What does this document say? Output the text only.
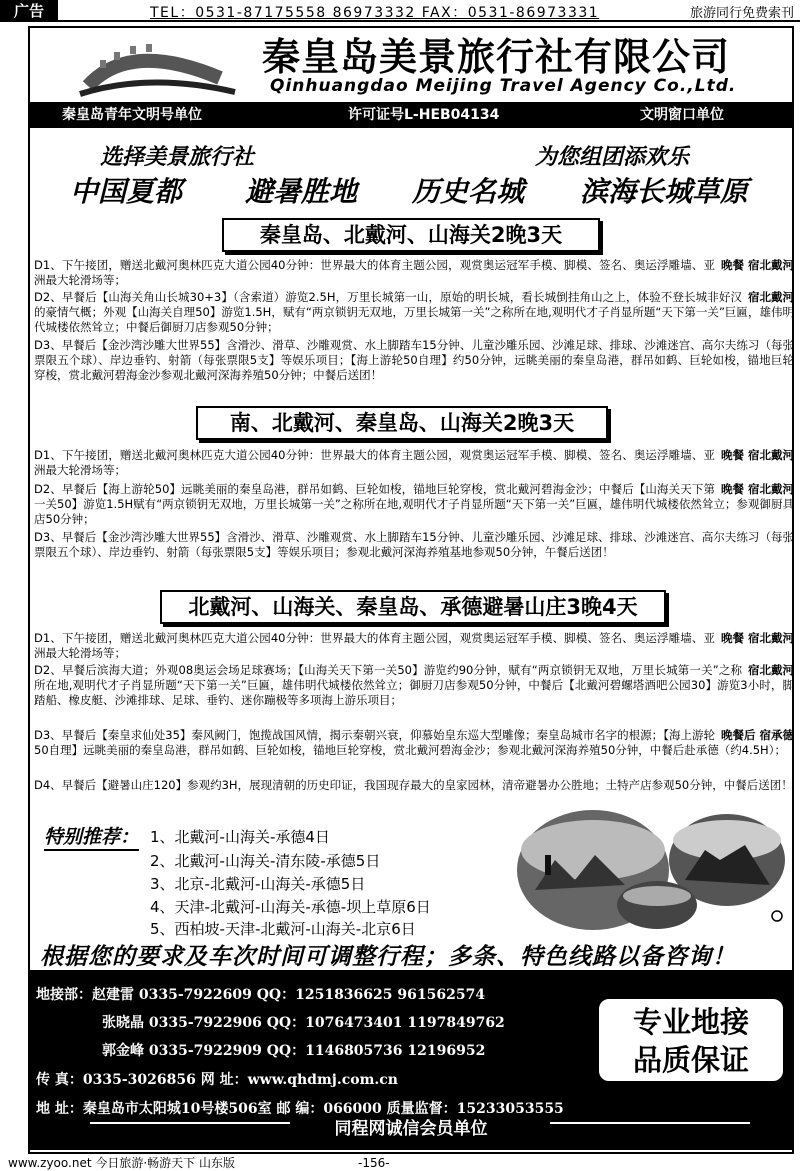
广告	TEL：0531-87175558 86973332 FAX：0531-86973331	旅游同行免费索刊
秦皇岛美景旅行社有限公司
Qinhuangdao Meijing Travel Agency Co.,Ltd.
秦皇岛青年文明号单位	许可证号L-HEB04134	文明窗口单位
选择美景旅行社	为您组团添欢乐
中国夏都 避暑胜地 历史名城 滨海长城草原
秦皇岛、北戴河、山海关2晚3天
晚餐 宿北戴河
D1、下午接团，赠送北戴河奥林匹克大道公园40分钟：世界最大的体育主题公园，观赏奥运冠军手模、脚模、签名、奥运浮雕墙、亚洲最大轮滑场等；
宿北戴河
D2、早餐后【山海关角山长城30+3】（含索道）游览2.5H，万里长城第一山，原始的明长城，看长城倒挂角山之上，体验不登长城非好汉的豪情气概；外观【山海关自理50】游览1.5H，赋有“两京锁钥无双地，万里长城第一关”之称所在地,观明代才子肖显所题“天下第一关”巨匾，雄伟明代城楼依然耸立；中餐后御厨刀店参观50分钟；
D3、早餐后【金沙湾沙雕大世界55】含滑沙、滑草、沙雕观赏、水上脚踏车15分钟、儿童沙雕乐园、沙滩足球、排球、沙滩迷宫、高尔夫练习（每张票限五个球）、岸边垂钓、射箭（每张票限5支】等娱乐项目；【海上游轮50自理】约50分钟，远眺美丽的秦皇岛港，群吊如鹤、巨轮如梭，锚地巨轮穿梭，赏北戴河碧海金沙参观北戴河深海养殖50分钟；中餐后送团！
南、北戴河、秦皇岛、山海关2晚3天
晚餐 宿北戴河
D1、下午接团，赠送北戴河奥林匹克大道公园40分钟：世界最大的体育主题公园，观赏奥运冠军手模、脚模、签名、奥运浮雕墙、亚洲最大轮滑场等；
晚餐 宿北戴河
D2、早餐后【海上游轮50】远眺美丽的秦皇岛港，群吊如鹤、巨轮如梭，锚地巨轮穿梭，赏北戴河碧海金沙；中餐后【山海关天下第一关50】游览1.5H赋有“两京锁钥无双地，万里长城第一关”之称所在地,观明代才子肖显所题“天下第一关”巨匾，雄伟明代城楼依然耸立；参观御厨具店50分钟；
D3、早餐后【金沙湾沙雕大世界55】含滑沙、滑草、沙雕观赏、水上脚踏车15分钟、儿童沙雕乐园、沙滩足球、排球、沙滩迷宫、高尔夫练习（每张票限五个球）、岸边垂钓、射箭（每张票限5支】等娱乐项目；参观北戴河深海养殖基地参观50分钟，午餐后送团！
北戴河、山海关、秦皇岛、承德避暑山庄3晚4天
晚餐 宿北戴河
D1、下午接团，赠送北戴河奥林匹克大道公园40分钟：世界最大的体育主题公园，观赏奥运冠军手模、脚模、签名、奥运浮雕墙、亚洲最大轮滑场等；
宿北戴河
D2、早餐后滨海大道；外观08奥运会场足球赛场；【山海关天下第一关50】游览约90分钟，赋有“两京锁钥无双地，万里长城第一关”之称所在地,观明代才子肖显所题“天下第一关”巨匾，雄伟明代城楼依然耸立；御厨刀店参观50分钟，中餐后【北戴河碧螺塔酒吧公园30】游览3小时，脚踏船、橡皮艇、沙滩排球、足球、垂钓、迷你蹦极等多项海上游乐项目；
晚餐后 宿承德
D3、早餐后【秦皇求仙处35】秦风阙门，饱揽战国风情，揭示秦朝兴衰，仰慕始皇东巡大型雕像；秦皇岛城市名字的根源；【海上游轮50自理】远眺美丽的秦皇岛港，群吊如鹤、巨轮如梭，锚地巨轮穿梭，赏北戴河碧海金沙；参观北戴河深海养殖50分钟，中餐后赴承德（约4.5H）；
D4、早餐后【避暑山庄120】参观约3H，展现清朝的历史印证，我国现存最大的皇家园林，清帝避暑办公胜地；土特产店参观50分钟，中餐后送团！
特别推荐： 1、北戴河-山海关-承德4日
2、北戴河-山海关-清东陵-承德5日
3、北京-北戴河-山海关-承德5日
4、天津-北戴河-山海关-承德-坝上草原6日
5、西柏坡-天津-北戴河-山海关-北京6日
根据您的要求及车次时间可调整行程；多条、特色线路以备咨询！
地接部：赵建雷 0335-7922609 QQ：1251836625 961562574
张晓晶 0335-7922906 QQ：1076473401 1197849762
郭金峰 0335-7922909 QQ：1146805736 12196952
传 真：0335-3026856 网 址：www.qhdmj.com.cn
地 址：秦皇岛市太阳城10号楼506室 邮 编：066000 质量监督：15233053555
同程网诚信会员单位
专业地接
品质保证
www.zyoo.net 今日旅游·畅游天下 山东版	-156-
